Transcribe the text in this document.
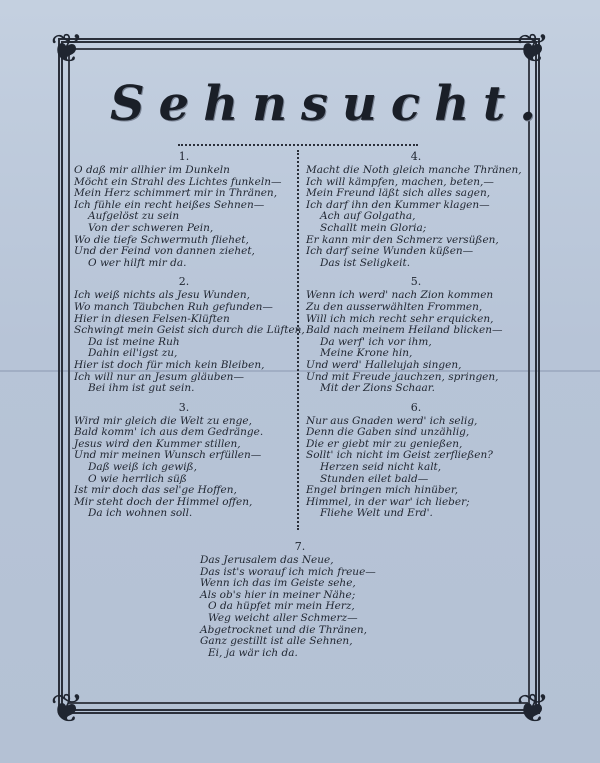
❦	❦
❦	❦
Sehnsucht.
1.
O daß mir allhier im Dunkeln
Möcht ein Strahl des Lichtes funkeln—
Mein Herz schimmert mir in Thränen,
Ich fühle ein recht heißes Sehnen—
Aufgelöst zu sein
Von der schweren Pein,
Wo die tiefe Schwermuth fliehet,
Und der Feind von dannen ziehet,
O wer hilft mir da.
2.
Ich weiß nichts als Jesu Wunden,
Wo manch Täubchen Ruh gefunden—
Hier in diesen Felsen-Klüften
Schwingt mein Geist sich durch die Lüften,
Da ist meine Ruh
Dahin eil'igst zu,
Hier ist doch für mich kein Bleiben,
Ich will nur an Jesum gläuben—
Bei ihm ist gut sein.
3.
Wird mir gleich die Welt zu enge,
Bald komm' ich aus dem Gedränge.
Jesus wird den Kummer stillen,
Und mir meinen Wunsch erfüllen—
Daß weiß ich gewiß,
O wie herrlich süß
Ist mir doch das sel'ge Hoffen,
Mir steht doch der Himmel offen,
Da ich wohnen soll.
4.
Macht die Noth gleich manche Thränen,
Ich will kämpfen, machen, beten,—
Mein Freund läßt sich alles sagen,
Ich darf ihn den Kummer klagen—
Ach auf Golgatha,
Schallt mein Gloria;
Er kann mir den Schmerz versüßen,
Ich darf seine Wunden küßen—
Das ist Seligkeit.
5.
Wenn ich werd' nach Zion kommen
Zu den ausserwählten Frommen,
Will ich mich recht sehr erquicken,
Bald nach meinem Heiland blicken—
Da werf' ich vor ihm,
Meine Krone hin,
Und werd' Hallelujah singen,
Und mit Freude jauchzen, springen,
Mit der Zions Schaar.
6.
Nur aus Gnaden werd' ich selig,
Denn die Gaben sind unzählig,
Die er giebt mir zu genießen,
Sollt' ich nicht im Geist zerfließen?
Herzen seid nicht kalt,
Stunden eilet bald—
Engel bringen mich hinüber,
Himmel, in der war' ich lieber;
Fliehe Welt und Erd'.
7.
Das Jerusalem das Neue,
Das ist's worauf ich mich freue—
Wenn ich das im Geiste sehe,
Als ob's hier in meiner Nähe;
O da hüpfet mir mein Herz,
Weg weicht aller Schmerz—
Abgetrocknet und die Thränen,
Ganz gestillt ist alle Sehnen,
Ei, ja wär ich da.
